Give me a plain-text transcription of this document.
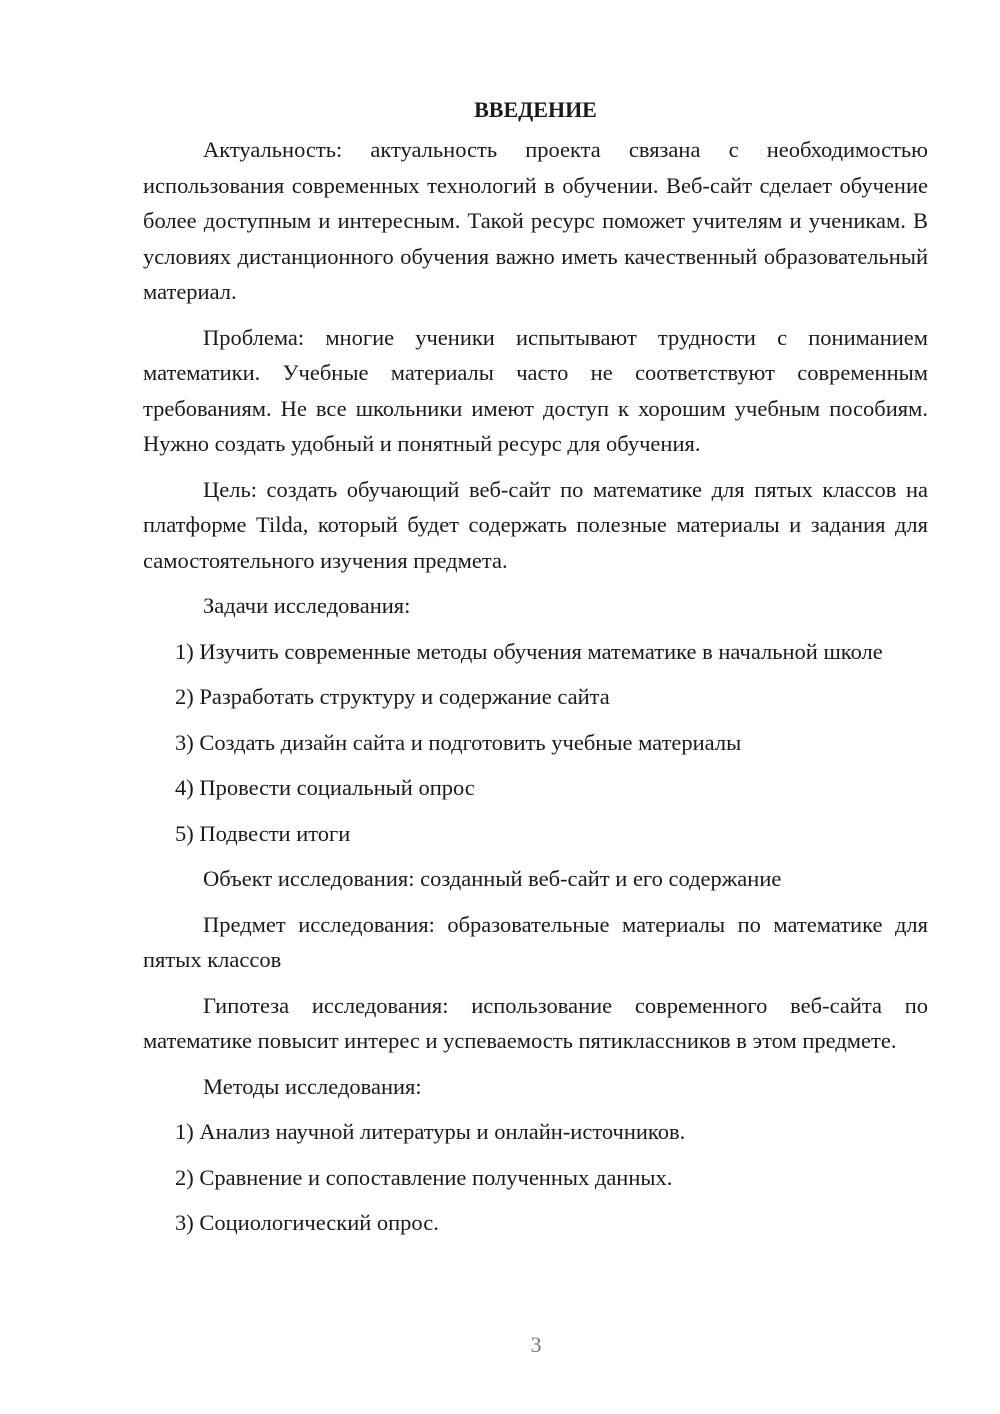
ВВЕДЕНИЕ

Актуальность: актуальность проекта связана с необходимостью использования современных технологий в обучении. Веб-сайт сделает обучение более доступным и интересным. Такой ресурс поможет учителям и ученикам. В условиях дистанционного обучения важно иметь качественный образовательный материал.

Проблема: многие ученики испытывают трудности с пониманием математики. Учебные материалы часто не соответствуют современным требованиям. Не все школьники имеют доступ к хорошим учебным пособиям. Нужно создать удобный и понятный ресурс для обучения.

Цель: создать обучающий веб-сайт по математике для пятых классов на платформе Tilda, который будет содержать полезные материалы и задания для самостоятельного изучения предмета.

Задачи исследования:

1) Изучить современные методы обучения математике в начальной школе

2) Разработать структуру и содержание сайта

3) Создать дизайн сайта и подготовить учебные материалы

4) Провести социальный опрос

5) Подвести итоги

Объект исследования: созданный веб-сайт и его содержание

Предмет исследования: образовательные материалы по математике для пятых классов

Гипотеза исследования: использование современного веб-сайта по математике повысит интерес и успеваемость пятиклассников в этом предмете.

Методы исследования:

1) Анализ научной литературы и онлайн-источников.

2) Сравнение и сопоставление полученных данных.

3) Социологический опрос.

3
